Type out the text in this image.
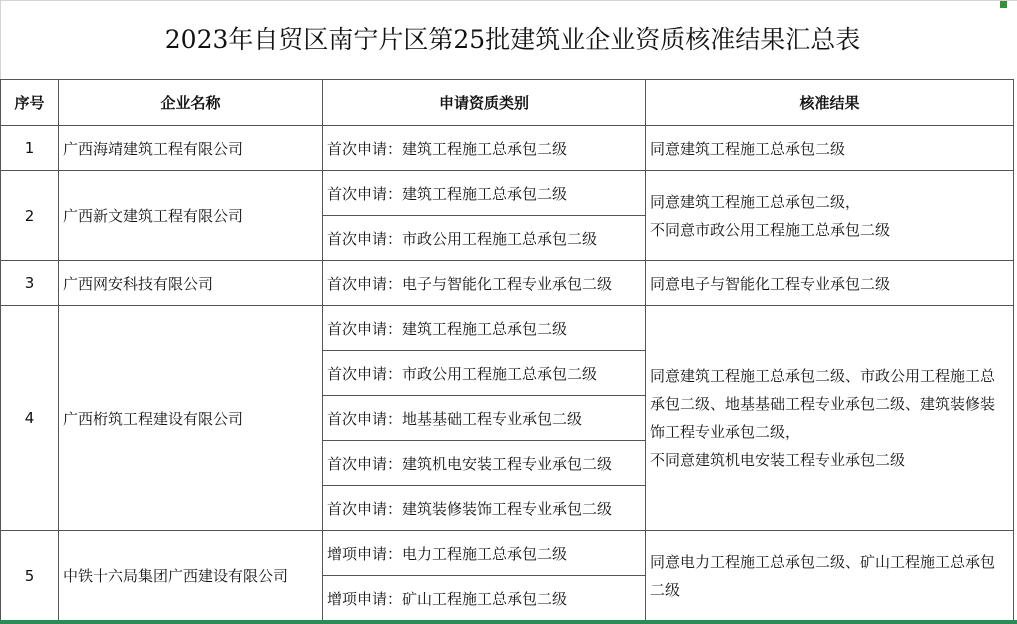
2023年自贸区南宁片区第25批建筑业企业资质核准结果汇总表
序号	企业名称	申请资质类别	核准结果
1	广西海靖建筑工程有限公司	首次申请：建筑工程施工总承包二级	同意建筑工程施工总承包二级
2	广西新文建筑工程有限公司	首次申请：建筑工程施工总承包二级	同意建筑工程施工总承包二级，
不同意市政公用工程施工总承包二级

		首次申请：市政公用工程施工总承包二级	
3	广西网安科技有限公司	首次申请：电子与智能化工程专业承包二级	同意电子与智能化工程专业承包二级
4	广西桁筑工程建设有限公司	首次申请：建筑工程施工总承包二级	同意建筑工程施工总承包二级、市政公用工程施工总承包二级、地基基础工程专业承包二级、建筑装修装饰工程专业承包二级，
不同意建筑机电安装工程专业承包二级

		首次申请：市政公用工程施工总承包二级	
		首次申请：地基基础工程专业承包二级	
		首次申请：建筑机电安装工程专业承包二级	
		首次申请：建筑装修装饰工程专业承包二级	
5	中铁十六局集团广西建设有限公司	增项申请：电力工程施工总承包二级	同意电力工程施工总承包二级、矿山工程施工总承包二级

		增项申请：矿山工程施工总承包二级	
